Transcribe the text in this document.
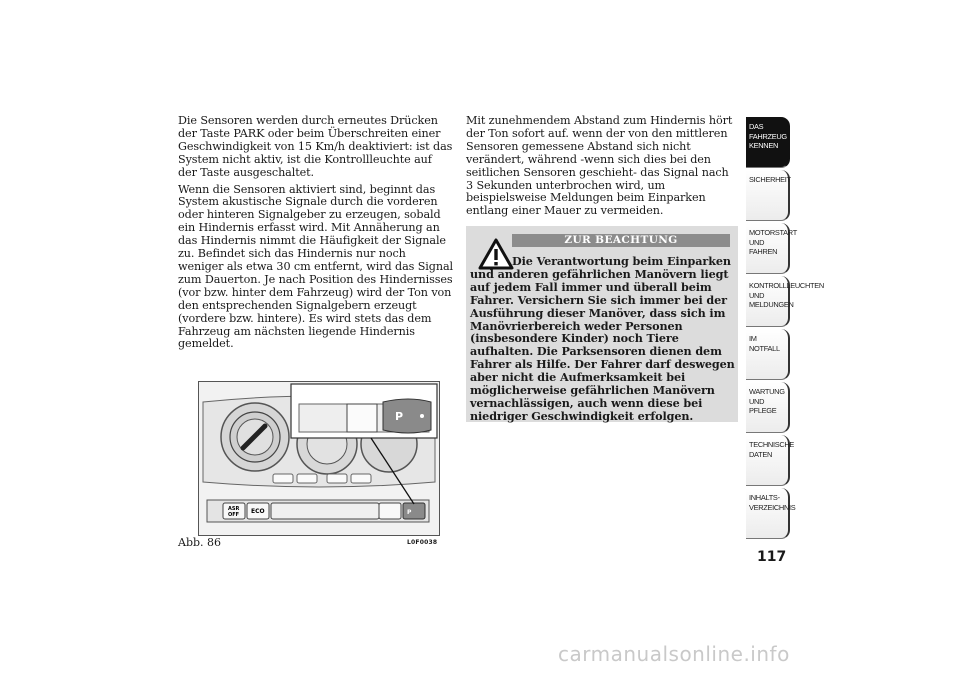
Die Sensoren werden durch erneutes Drücken der Taste PARK oder beim Überschreiten einer Geschwindigkeit von 15 Km/h deaktiviert: ist das System nicht aktiv, ist die Kontrollleuchte auf der Taste ausgeschaltet.

Wenn die Sensoren aktiviert sind, beginnt das System akustische Signale durch die vorderen oder hinteren Signalgeber zu erzeugen, sobald ein Hindernis erfasst wird. Mit Annäherung an das Hindernis nimmt die Häufigkeit der Signale zu. Befindet sich das Hindernis nur noch weniger als etwa 30 cm entfernt, wird das Signal zum Dauerton. Je nach Position des Hindernisses (vor bzw. hinter dem Fahrzeug) wird der Ton von den entsprechenden Signalgebern erzeugt (vordere bzw. hintere). Es wird stets das dem Fahrzeug am nächsten liegende Hindernis gemeldet.

Mit zunehmendem Abstand zum Hindernis hört der Ton sofort auf. wenn der von den mittleren Sensoren gemessene Abstand sich nicht verändert, während -wenn sich dies bei den seitlichen Sensoren geschieht- das Signal nach 3 Sekunden unterbrochen wird, um beispielsweise Meldungen beim Einparken entlang einer Mauer zu vermeiden.

ZUR BEACHTUNG
Die Verantwortung beim Einparken und anderen gefährlichen Manövern liegt auf jedem Fall immer und überall beim Fahrer. Versichern Sie sich immer bei der Ausführung dieser Manöver, dass sich im Manövrierbereich weder Personen (insbesondere Kinder) noch Tiere aufhalten. Die Parksensoren dienen dem Fahrer als Hilfe. Der Fahrer darf deswegen aber nicht die Aufmerksamkeit bei möglicherweise gefährlichen Manövern vernachlässigen, auch wenn diese bei niedriger Geschwindigkeit erfolgen.
ASR
OFF ECO	P
P
Abb. 86	L0F0038
DAS FAHRZEUG KENNEN
SICHERHEIT
MOTORSTART UND FAHREN
KONTROLLLEUCHTEN UND MELDUNGEN
IM NOTFALL
WARTUNG UND PFLEGE
TECHNISCHE DATEN
INHALTS-VERZEICHNIS
117
carmanualsonline.info
